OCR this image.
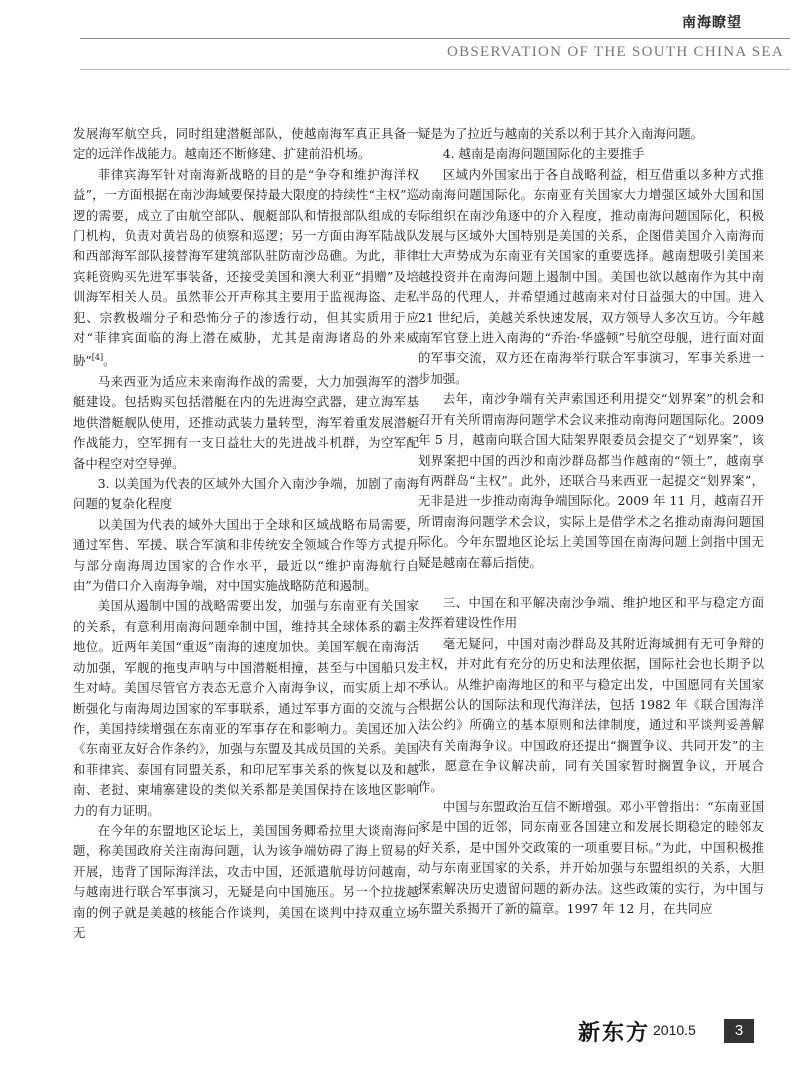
南海瞭望
OBSERVATION OF THE SOUTH CHINA SEA

发展海军航空兵，同时组建潜艇部队，使越南海军真正具备一定的远洋作战能力。越南还不断修建、扩建前沿机场。

菲律宾海军针对南海新战略的目的是“争夺和维护海洋权益”，一方面根据在南沙海域要保持最大限度的持续性“主权”巡逻的需要，成立了由航空部队、舰艇部队和情报部队组成的专门机构，负责对黄岩岛的侦察和巡逻；另一方面由海军陆战队和西部海军部队接替海军建筑部队驻防南沙岛礁。为此，菲律宾耗资购买先进军事装备，还接受美国和澳大利亚“捐赠”及培训海军相关人员。虽然菲公开声称其主要用于监视海盗、走私犯、宗教极端分子和恐怖分子的渗透行动，但其实质用于应对“菲律宾面临的海上潜在威胁，尤其是南海诸岛的外来威胁”[4]。

马来西亚为适应未来南海作战的需要，大力加强海军的潜艇建设。包括购买包括潜艇在内的先进海空武器，建立海军基地供潜艇舰队使用，还推动武装力量转型，海军着重发展潜艇作战能力，空军拥有一支日益壮大的先进战斗机群，为空军配备中程空对空导弹。

3. 以美国为代表的区域外大国介入南沙争端，加剧了南海问题的复杂化程度

以美国为代表的域外大国出于全球和区域战略布局需要，通过军售、军援、联合军演和非传统安全领域合作等方式提升与部分南海周边国家的合作水平，最近以“维护南海航行自由”为借口介入南海争端，对中国实施战略防范和遏制。

美国从遏制中国的战略需要出发，加强与东南亚有关国家的关系，有意利用南海问题牵制中国，维持其全球体系的霸主地位。近两年美国“重返”南海的速度加快。美国军舰在南海活动加强，军舰的拖曳声呐与中国潜艇相撞，甚至与中国船只发生对峙。美国尽管官方表态无意介入南海争议，而实质上却不断强化与南海周边国家的军事联系，通过军事方面的交流与合作，美国持续增强在东南亚的军事存在和影响力。美国还加入《东南亚友好合作条约》，加强与东盟及其成员国的关系。美国和菲律宾、泰国有同盟关系，和印尼军事关系的恢复以及和越南、老挝、柬埔寨建设的类似关系都是美国保持在该地区影响力的有力证明。

在今年的东盟地区论坛上，美国国务卿希拉里大谈南海问题，称美国政府关注南海问题，认为该争端妨碍了海上贸易的开展，违背了国际海洋法，攻击中国，还派遣航母访问越南，与越南进行联合军事演习，无疑是向中国施压。另一个拉拢越南的例子就是美越的核能合作谈判，美国在谈判中持双重立场无

疑是为了拉近与越南的关系以利于其介入南海问题。

4. 越南是南海问题国际化的主要推手

区域内外国家出于各自战略利益，相互借重以多种方式推动南海问题国际化。东南亚有关国家大力增强区域外大国和国际组织在南沙角逐中的介入程度，推动南海问题国际化，积极发展与区域外大国特别是美国的关系，企图借美国介入南海而壮大声势成为东南亚有关国家的重要选择。越南想吸引美国来越投资并在南海问题上遏制中国。美国也欲以越南作为其中南半岛的代理人，并希望通过越南来对付日益强大的中国。进入 21 世纪后，美越关系快速发展，双方领导人多次互访。今年越南军官登上进入南海的“乔治·华盛顿”号航空母舰，进行面对面的军事交流，双方还在南海举行联合军事演习，军事关系进一步加强。

去年，南沙争端有关声索国还利用提交“划界案”的机会和召开有关所谓南海问题学术会议来推动南海问题国际化。2009 年 5 月，越南向联合国大陆架界限委员会提交了“划界案”，该划界案把中国的西沙和南沙群岛都当作越南的“领土”，越南享有两群岛“主权”。此外，还联合马来西亚一起提交“划界案”，无非是进一步推动南海争端国际化。2009 年 11 月，越南召开所谓南海问题学术会议，实际上是借学术之名推动南海问题国际化。今年东盟地区论坛上美国等国在南海问题上剑指中国无疑是越南在幕后指使。

三、中国在和平解决南沙争端、维护地区和平与稳定方面发挥着建设性作用

毫无疑问，中国对南沙群岛及其附近海域拥有无可争辩的主权，并对此有充分的历史和法理依据，国际社会也长期予以承认。从维护南海地区的和平与稳定出发，中国愿同有关国家根据公认的国际法和现代海洋法，包括 1982 年《联合国海洋法公约》所确立的基本原则和法律制度，通过和平谈判妥善解决有关南海争议。中国政府还提出“搁置争议、共同开发”的主张，愿意在争议解决前，同有关国家暂时搁置争议，开展合作。

中国与东盟政治互信不断增强。邓小平曾指出：“东南亚国家是中国的近邻，同东南亚各国建立和发展长期稳定的睦邻友好关系，是中国外交政策的一项重要目标。”为此，中国积极推动与东南亚国家的关系，并开始加强与东盟组织的关系，大胆探索解决历史遗留问题的新办法。这些政策的实行，为中国与东盟关系揭开了新的篇章。1997 年 12 月，在共同应

新东方 2010.5	3
